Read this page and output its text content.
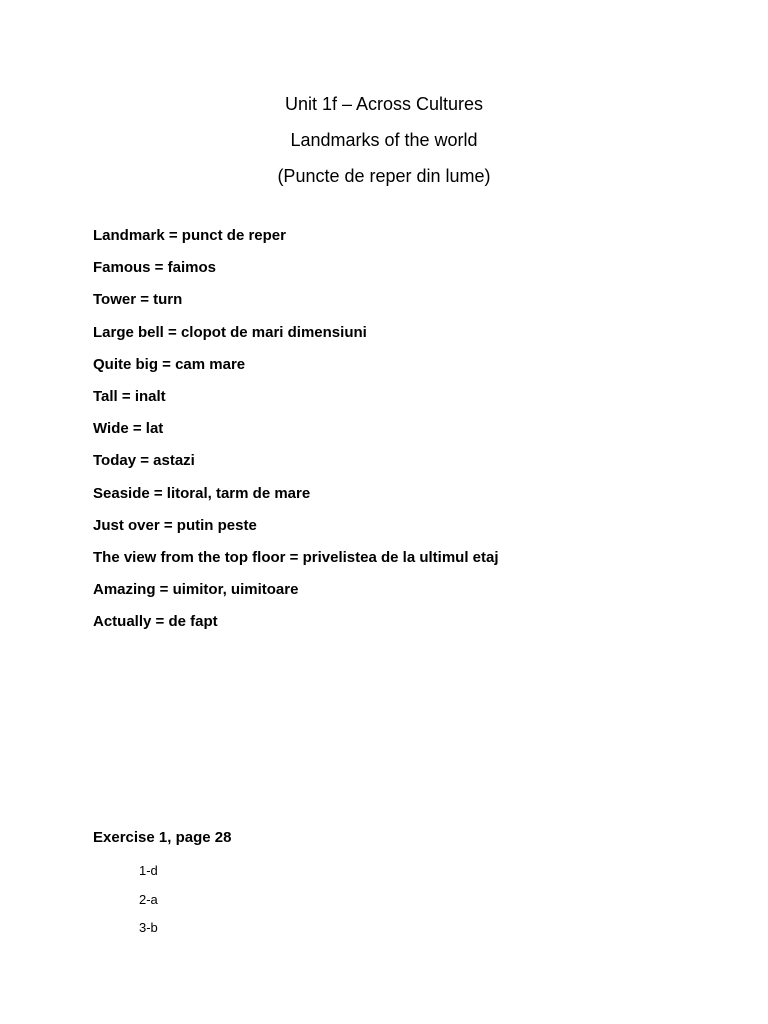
Unit 1f – Across Cultures

Landmarks of the world

(Puncte de reper din lume)

Landmark = punct de reper
Famous = faimos
Tower = turn
Large bell = clopot de mari dimensiuni
Quite big = cam mare
Tall = inalt
Wide = lat
Today = astazi
Seaside = litoral, tarm de mare
Just over = putin peste
The view from the top floor = privelistea de la ultimul etaj
Amazing = uimitor, uimitoare
Actually = de fapt

Exercise 1, page 28

1-d
2-a
3-b
